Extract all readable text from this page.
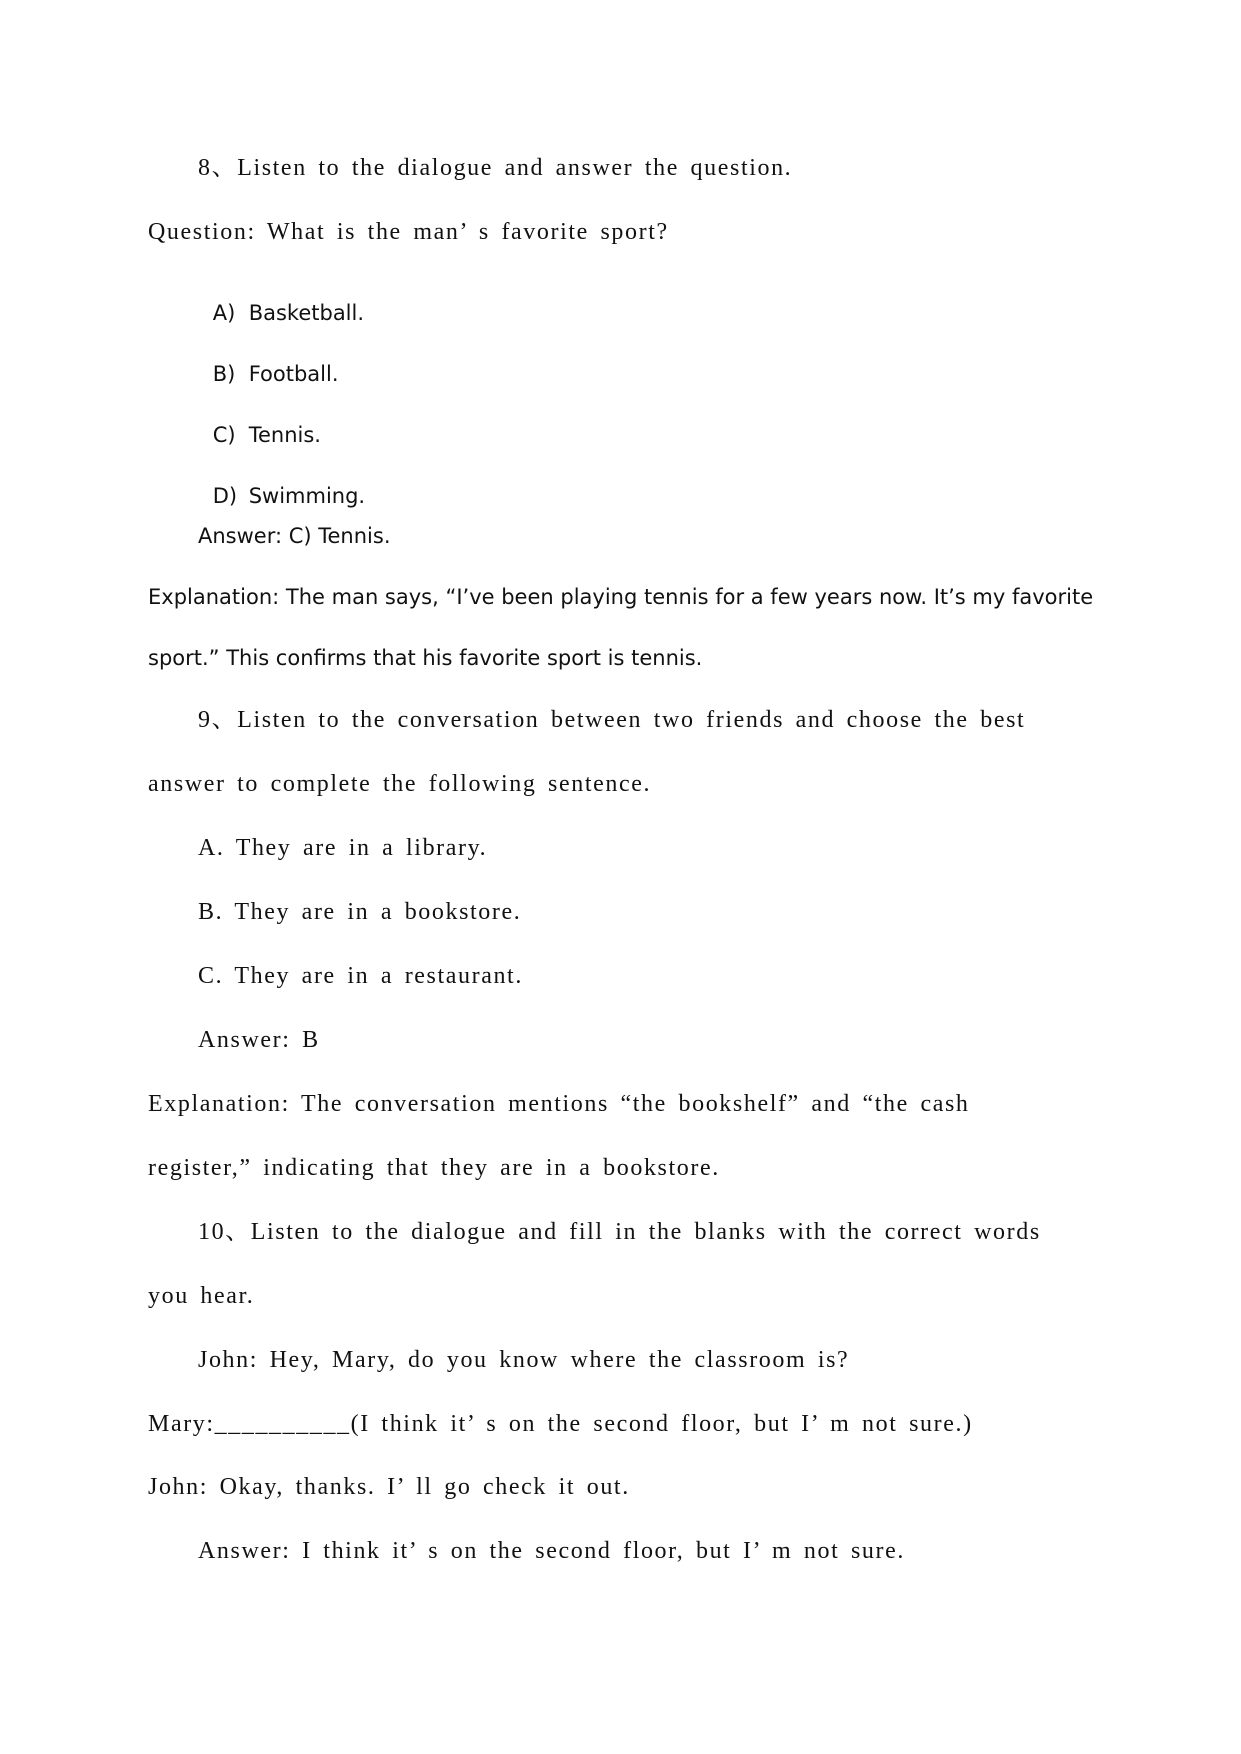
8、Listen to the dialogue and answer the question.
Question: What is the man’ s favorite sport?

A) Basketball.

B) Football.

C) Tennis.

D) Swimming.

Answer: C) Tennis.
Explanation: The man says, “I’ve been playing tennis for a few years now. It’s my favorite
sport.” This confirms that his favorite sport is tennis.
9、Listen to the conversation between two friends and choose the best
answer to complete the following sentence.
A. They are in a library.
B. They are in a bookstore.
C. They are in a restaurant.
Answer: B
Explanation: The conversation mentions “the bookshelf” and “the cash
register,” indicating that they are in a bookstore.
10、Listen to the dialogue and fill in the blanks with the correct words
you hear.
John: Hey, Mary, do you know where the classroom is?
Mary:__________(I think it’ s on the second floor, but I’ m not sure.)
John: Okay, thanks. I’ ll go check it out.
Answer: I think it’ s on the second floor, but I’ m not sure.
